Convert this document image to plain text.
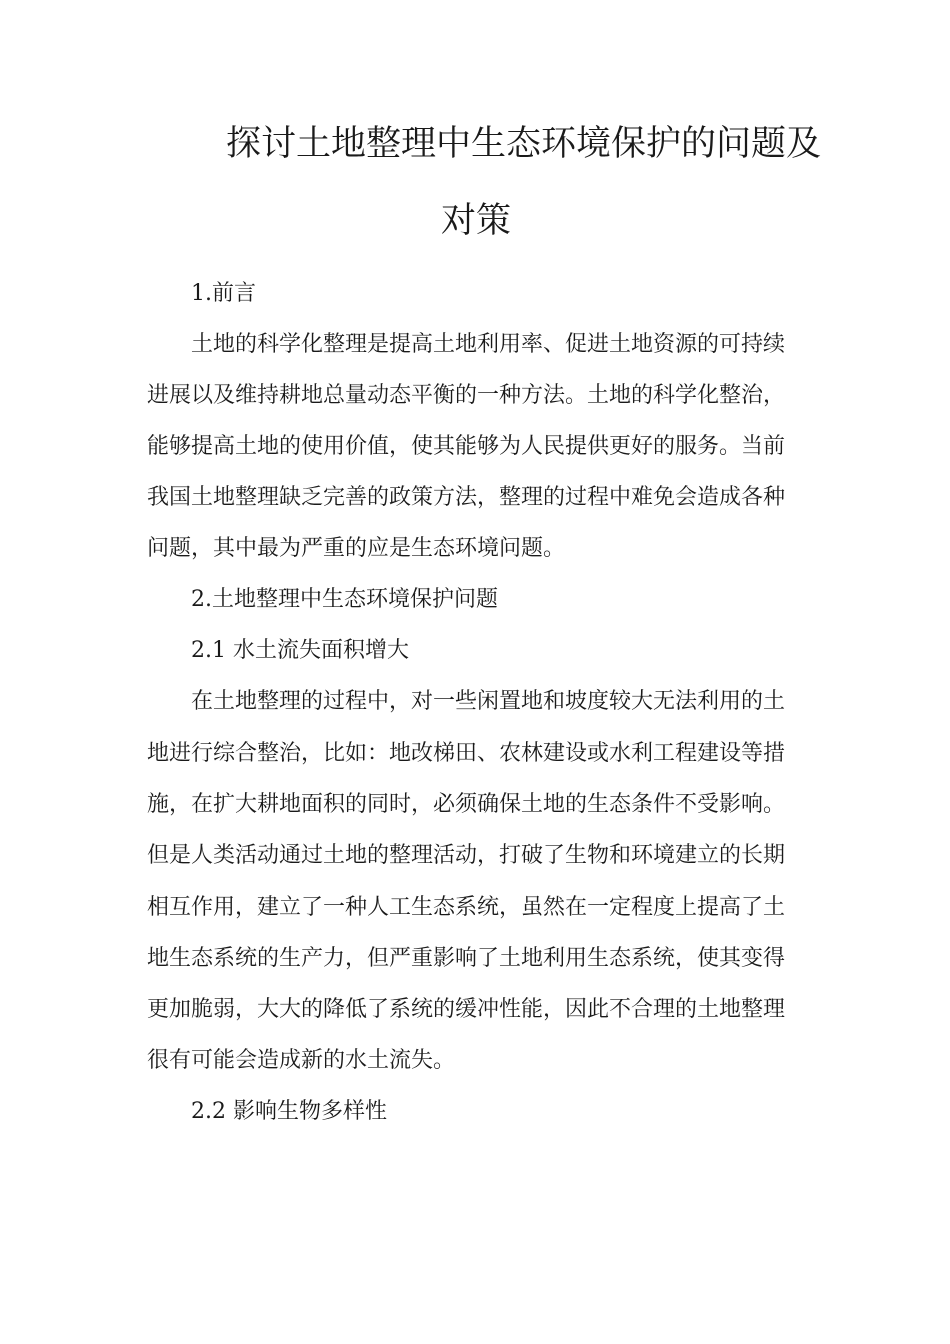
探讨土地整理中生态环境保护的问题及
对策
1.前言
土地的科学化整理是提高土地利用率、促进土地资源的可持续
进展以及维持耕地总量动态平衡的一种方法。土地的科学化整治，
能够提高土地的使用价值，使其能够为人民提供更好的服务。当前
我国土地整理缺乏完善的政策方法，整理的过程中难免会造成各种
问题，其中最为严重的应是生态环境问题。
2.土地整理中生态环境保护问题
2.1 水土流失面积增大
在土地整理的过程中，对一些闲置地和坡度较大无法利用的土
地进行综合整治，比如：地改梯田、农林建设或水利工程建设等措
施，在扩大耕地面积的同时，必须确保土地的生态条件不受影响。
但是人类活动通过土地的整理活动，打破了生物和环境建立的长期
相互作用，建立了一种人工生态系统，虽然在一定程度上提高了土
地生态系统的生产力，但严重影响了土地利用生态系统，使其变得
更加脆弱，大大的降低了系统的缓冲性能，因此不合理的土地整理
很有可能会造成新的水土流失。
2.2 影响生物多样性
